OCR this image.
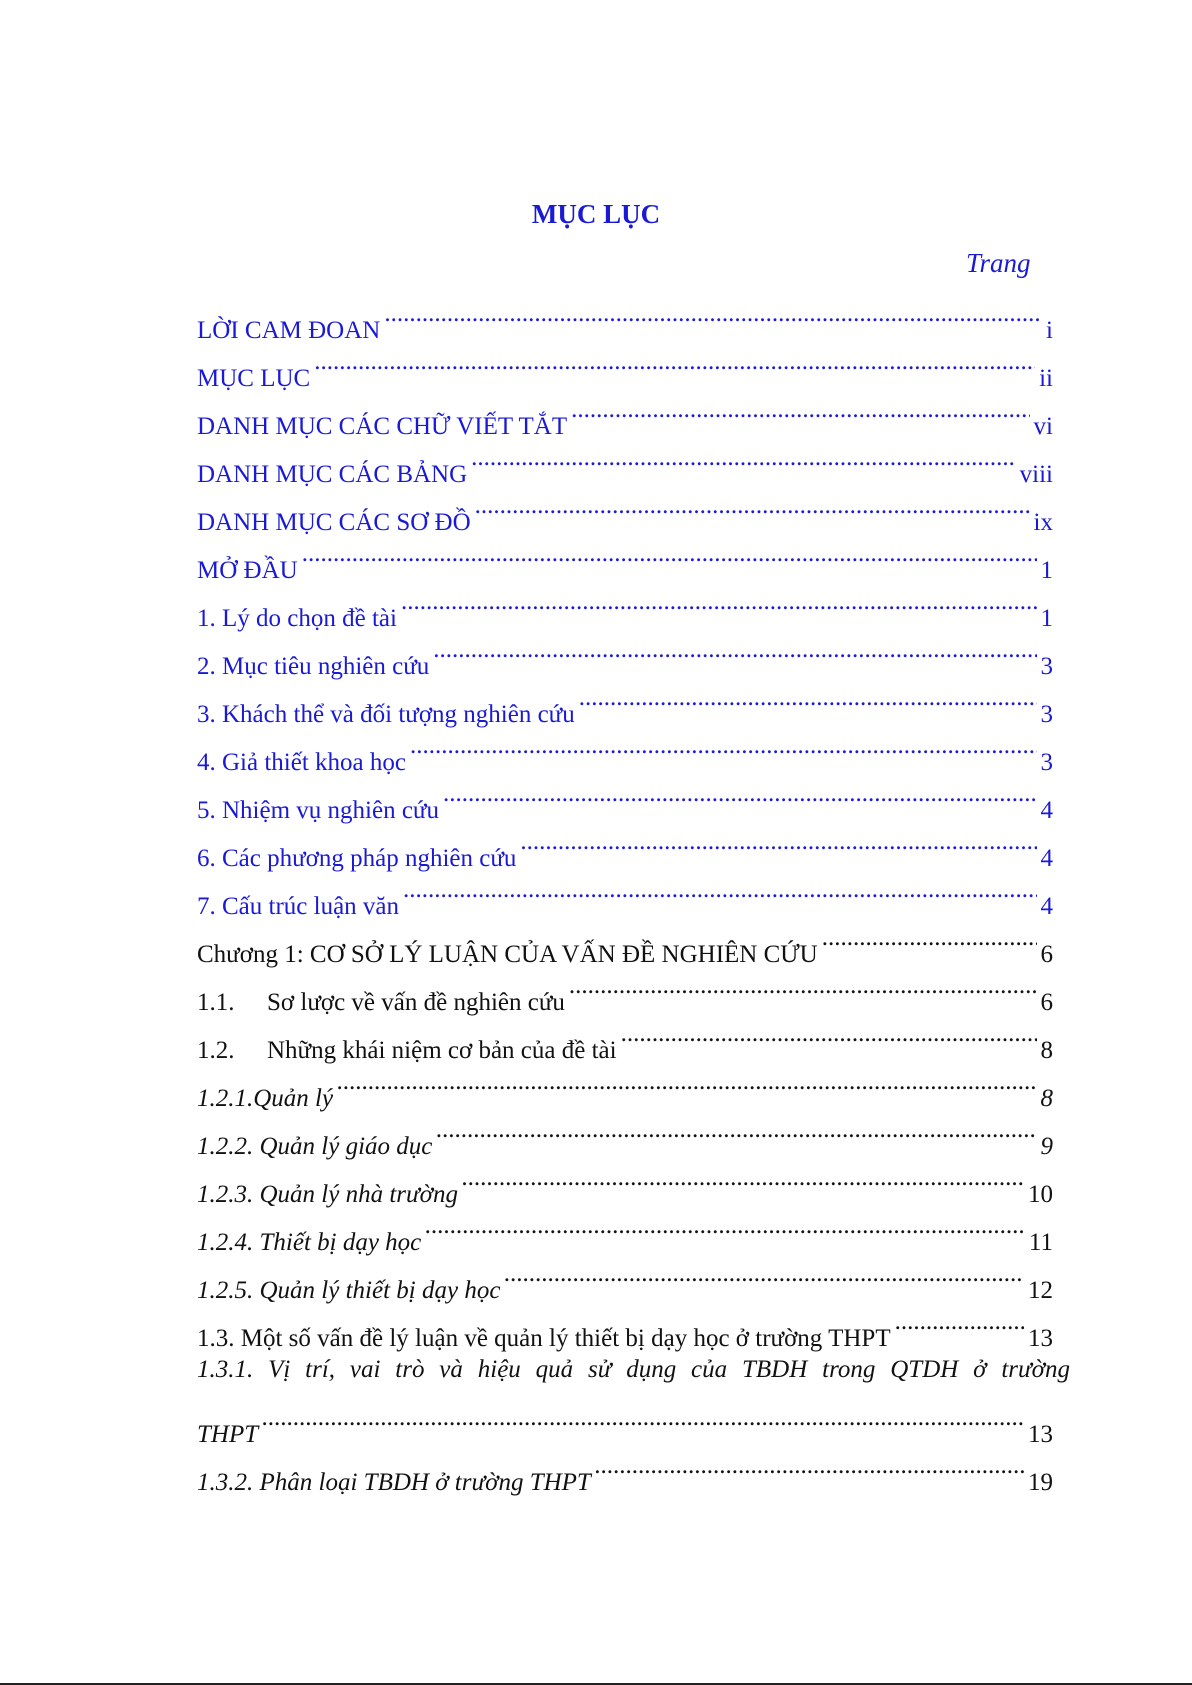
MỤC LỤC
Trang
LỜI CAM ĐOAN .....	i
MỤC LỤC .....	ii
DANH MỤC CÁC CHỮ VIẾT TẮT .....	vi
DANH MỤC CÁC BẢNG .....	viii
DANH MỤC CÁC SƠ ĐỒ .....	ix
MỞ ĐẦU .....	1
1. Lý do chọn đề tài .....	1
2. Mục tiêu nghiên cứu .....	3
3. Khách thể và đối tượng nghiên cứu .....	3
4. Giả thiết khoa học .....	3
5. Nhiệm vụ nghiên cứu .....	4
6. Các phương pháp nghiên cứu .....	4
7. Cấu trúc luận văn .....	4
Chương 1: CƠ SỞ LÝ LUẬN CỦA VẤN ĐỀ NGHIÊN CỨU .....	6
1.1. Sơ lược về vấn đề nghiên cứu .....	6
1.2. Những khái niệm cơ bản của đề tài .....	8
1.2.1.Quản lý .....	8
1.2.2. Quản lý giáo dục .....	9
1.2.3. Quản lý nhà trường .....	10
1.2.4. Thiết bị dạy học .....	11
1.2.5. Quản lý thiết bị dạy học .....	12
1.3. Một số vấn đề lý luận về quản lý thiết bị dạy học ở trường THPT .....	13
1.3.1. Vị trí, vai trò và hiệu quả sử dụng của TBDH trong QTDH ở trường
THPT .....	13
1.3.2. Phân loại TBDH ở trường THPT .....	19
